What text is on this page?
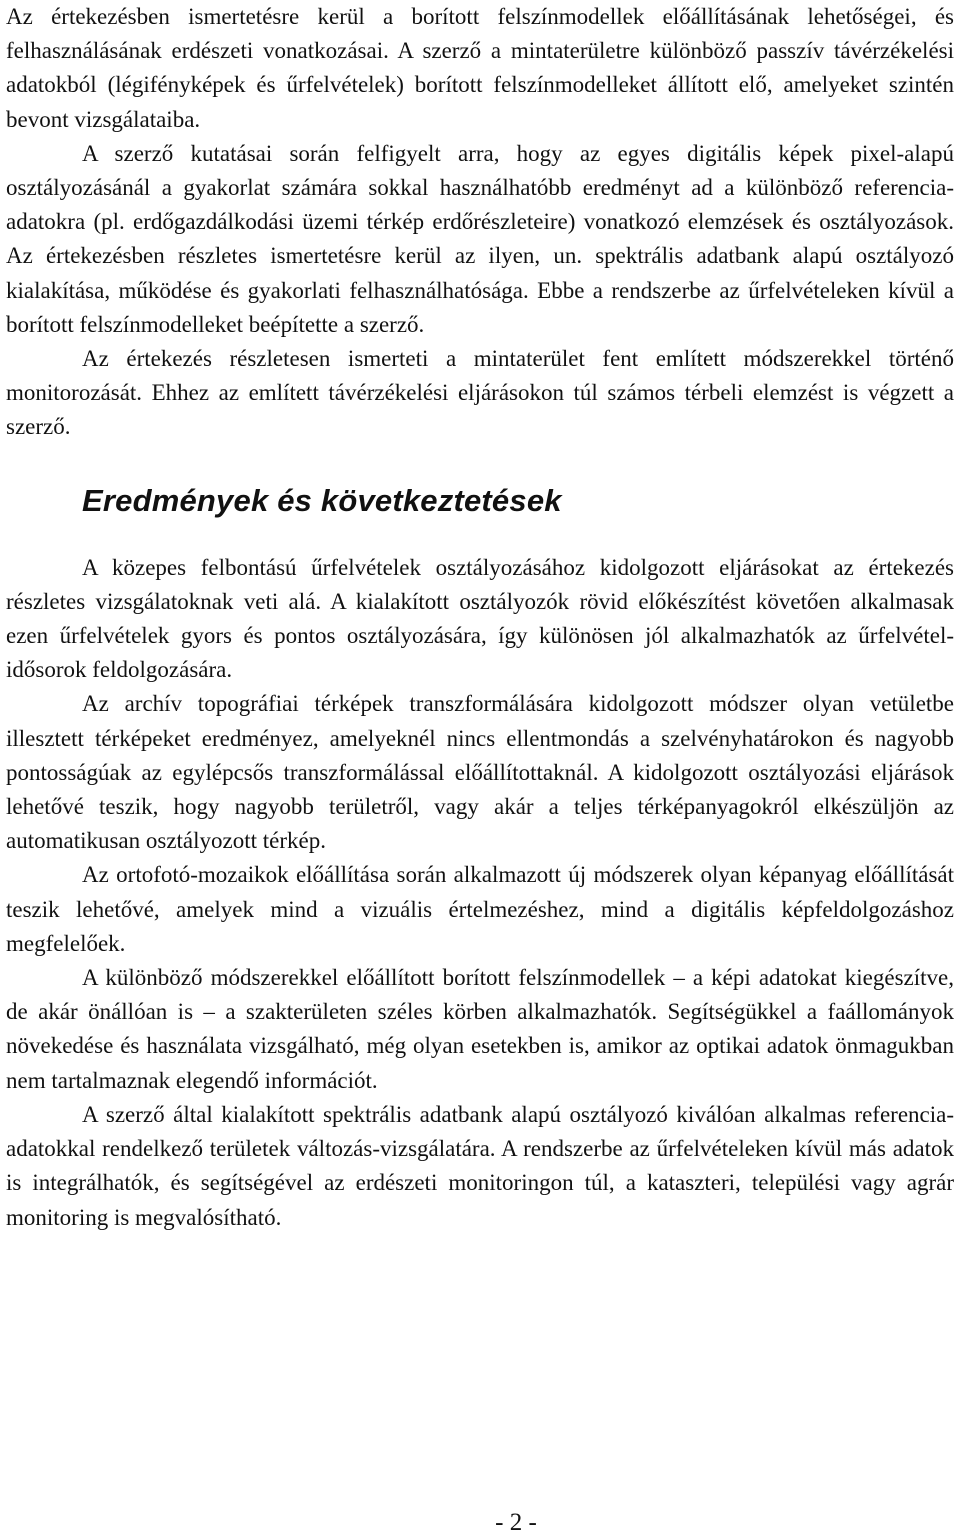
Az értekezésben ismertetésre kerül a borított felszínmodellek előállításának lehetőségei, és felhasználásának erdészeti vonatkozásai. A szerző a mintaterületre különböző passzív távérzékelési adatokból (légifényképek és űrfelvételek) borított felszínmodelleket állított elő, amelyeket szintén bevont vizsgálataiba.

A szerző kutatásai során felfigyelt arra, hogy az egyes digitális képek pixel-alapú osztályozásánál a gyakorlat számára sokkal használhatóbb eredményt ad a különböző referencia-adatokra (pl. erdőgazdálkodási üzemi térkép erdőrészleteire) vonatkozó elemzések és osztályozások. Az értekezésben részletes ismertetésre kerül az ilyen, un. spektrális adatbank alapú osztályozó kialakítása, működése és gyakorlati felhasználhatósága. Ebbe a rendszerbe az űrfelvételeken kívül a borított felszínmodelleket beépítette a szerző.

Az értekezés részletesen ismerteti a mintaterület fent említett módszerekkel történő monitorozását. Ehhez az említett távérzékelési eljárásokon túl számos térbeli elemzést is végzett a szerző.

Eredmények és következtetések

A közepes felbontású űrfelvételek osztályozásához kidolgozott eljárásokat az értekezés részletes vizsgálatoknak veti alá. A kialakított osztályozók rövid előkészítést követően alkalmasak ezen űrfelvételek gyors és pontos osztályozására, így különösen jól alkalmazhatók az űrfelvétel-idősorok feldolgozására.

Az archív topográfiai térképek transzformálására kidolgozott módszer olyan vetületbe illesztett térképeket eredményez, amelyeknél nincs ellentmondás a szelvényhatárokon és nagyobb pontosságúak az egylépcsős transzformálással előállítottaknál. A kidolgozott osztályozási eljárások lehetővé teszik, hogy nagyobb területről, vagy akár a teljes térképanyagokról elkészüljön az automatikusan osztályozott térkép.

Az ortofotó-mozaikok előállítása során alkalmazott új módszerek olyan képanyag előállítását teszik lehetővé, amelyek mind a vizuális értelmezéshez, mind a digitális képfeldolgozáshoz megfelelőek.

A különböző módszerekkel előállított borított felszínmodellek – a képi adatokat kiegészítve, de akár önállóan is – a szakterületen széles körben alkalmazhatók. Segítségükkel a faállományok növekedése és használata vizsgálható, még olyan esetekben is, amikor az optikai adatok önmagukban nem tartalmaznak elegendő információt.

A szerző által kialakított spektrális adatbank alapú osztályozó kiválóan alkalmas referencia-adatokkal rendelkező területek változás-vizsgálatára. A rendszerbe az űrfelvételeken kívül más adatok is integrálhatók, és segítségével az erdészeti monitoringon túl, a kataszteri, települési vagy agrár monitoring is megvalósítható.

- 2 -
